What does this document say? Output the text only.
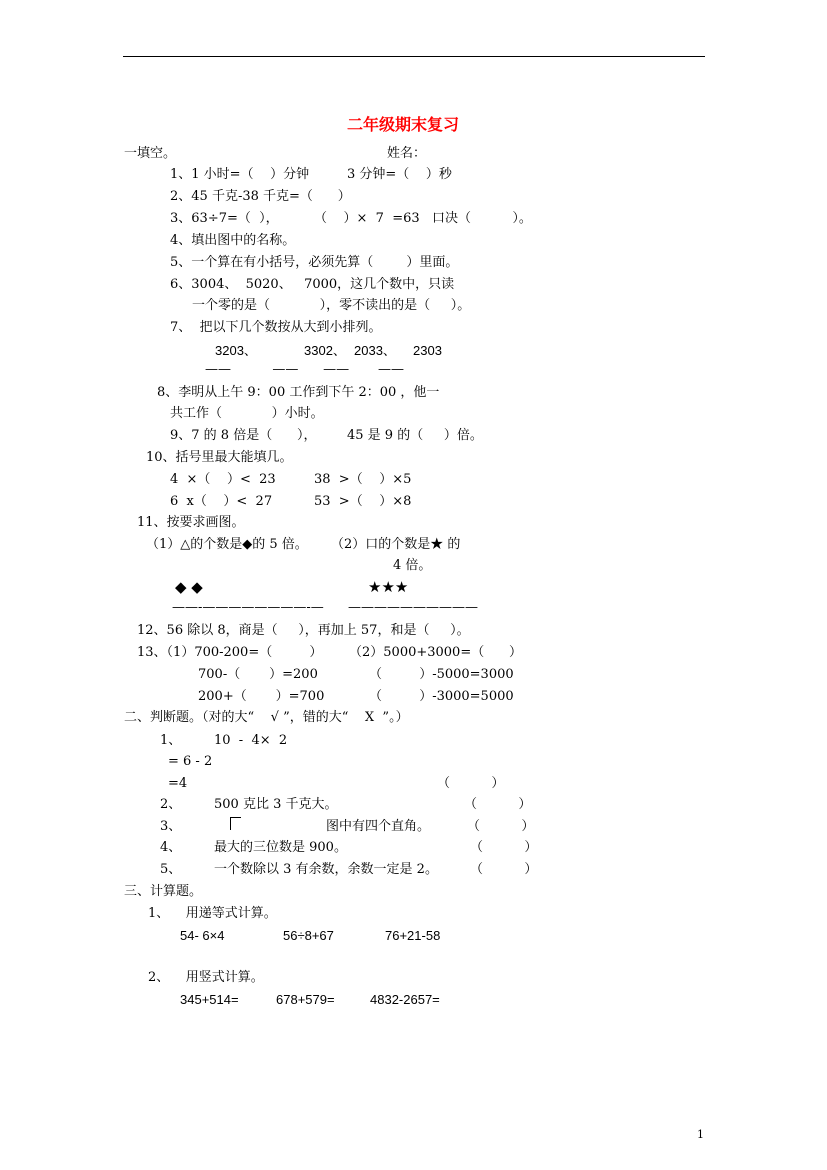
二年级期末复习
一填空。	姓名：
1、1 小时=（    ）分钟	3 分钟=（    ）秒
2、45 千克-38 千克=（      ）
3、63÷7=（  ），	（    ）×  7  =63 口决（          ）。
4、填出图中的名称。
5、一个算在有小括号，必须先算（        ）里面。
6、3004、  5020、   7000，这几个数中，只读
一个零的是（            ），零不读出的是（     ）。
7、  把以下几个数按从大到小排列。
3203、	3302、 2033、 2303
——          ——      ——       ——
8、李明从上午 9：00 工作到下午 2：00 ，他一
共工作（            ）小时。
9、7 的 8 倍是（      ）， 45 是 9 的（     ）倍。
10、括号里最大能填几。
4  ×（    ）<  23	38  >（    ）×5
6  x（    ）<  27	53  >（    ）×8
11、按要求画图。
（1）△的个数是◆的 5 倍。 （2）口的个数是★ 的
4 倍。
◆ ◆	★★★
——-————————-— ——————————
12、56 除以 8，商是（     ），再加上 57，和是（     ）。
13、（1）700-200=（         ） （2）5000+3000=（      ）
700-（       ）=200	（         ）-5000=3000
200+（       ）=700	（         ）-3000=5000
二、判断题。（对的大“    √ ”，错的大“    X  ”。）
1、	10  -  4×  2
= 6 - 2
=4	（          ）
2、	500 克比 3 千克大。	（          ）
3、	图中有四个直角。	（          ）
4、	最大的三位数是 900。	（          ）
5、	一个数除以 3 有余数，余数一定是 2。 （          ）
三、计算题。
1、    用递等式计算。
54- 6×4	56÷8+67	76+21-58
2、    用竖式计算。
345+514=	678+579=	4832-2657=
1
